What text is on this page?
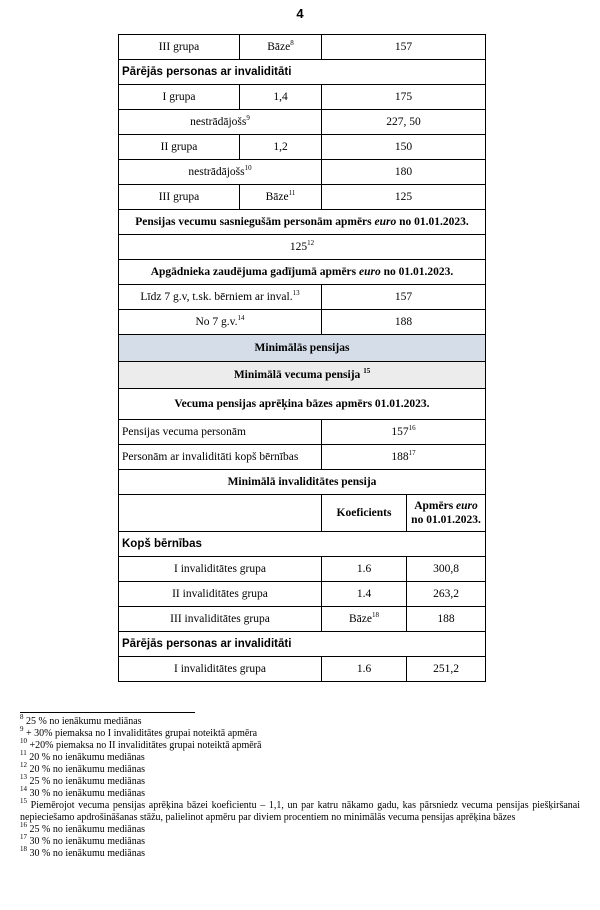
4
III grupa	Bāze$^8$	157	
Pārējās personas ar invaliditāti			
I grupa	1,4	175	
nestrādājošs$^9$		227, 50	
II grupa	1,2	150	
nestrādājošs$^{10}$		180	
III grupa	Bāze$^{11}$	125	
Pensijas vecumu sasniegušām personām apmērs euro no 01.01.2023.			
$125^{12}$
Apgādnieka zaudējuma gadījumā apmērs euro no 01.01.2023.			
Līdz 7 g.v, t.sk. bērniem ar inval.$^{13}$		157	
No 7 g.v.$^{14}$		188	
Minimālās pensijas			
Minimālā vecuma pensija $^{15}$
Vecuma pensijas aprēķina bāzes apmērs 01.01.2023.			
Pensijas vecuma personām		$157^{16}$
Personām ar invaliditāti kopš bērnības		$188^{17}$
Minimālā invaliditātes pensija			
		Koeficients	Apmērs euro
no 01.01.2023.
Kopš bērnības			
I invaliditātes grupa		1.6	300,8
II invaliditātes grupa		1.4	263,2
III invaliditātes grupa		Bāze$^{18}$	188
Pārējās personas ar invaliditāti			
I invaliditātes grupa		1.6	251,2

$^8$ 25 % no ienākumu mediānas

$^9$ + 30% piemaksa no I invaliditātes grupai noteiktā apmēra

$^{10}$ +20% piemaksa no II invaliditātes grupai noteiktā apmērā

$^{11}$ 20 % no ienākumu mediānas

$^{12}$ 20 % no ienākumu mediānas

$^{13}$ 25 % no ienākumu mediānas

$^{14}$ 30 % no ienākumu mediānas

$^{15}$ Piemērojot vecuma pensijas aprēķina bāzei koeficientu – 1,1, un par katru nākamo gadu, kas pārsniedz vecuma pensijas piešķiršanai nepieciešamo apdrošināšanas stāžu, palielinot apmēru par diviem procentiem no minimālās vecuma pensijas aprēķina bāzes

$^{16}$ 25 % no ienākumu mediānas

$^{17}$ 30 % no ienākumu mediānas

$^{18}$ 30 % no ienākumu mediānas
